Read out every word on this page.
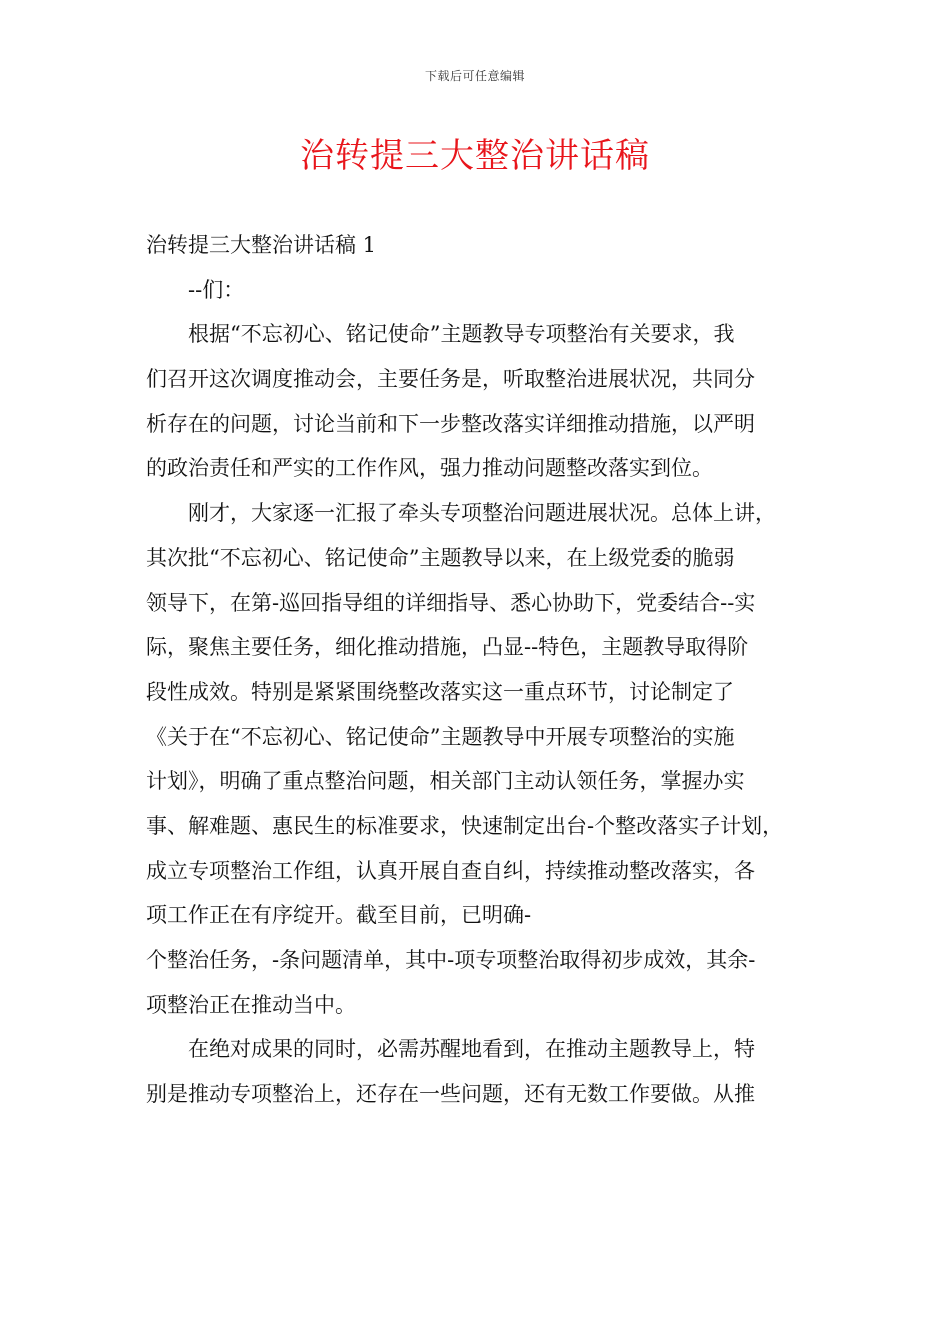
下载后可任意编辑
治转提三大整治讲话稿
治转提三大整治讲话稿 1
--们：
根据“不忘初心、铭记使命”主题教导专项整治有关要求，我
们召开这次调度推动会，主要任务是，听取整治进展状况，共同分
析存在的问题，讨论当前和下一步整改落实详细推动措施，以严明
的政治责任和严实的工作作风，强力推动问题整改落实到位。
刚才，大家逐一汇报了牵头专项整治问题进展状况。总体上讲，
其次批“不忘初心、铭记使命”主题教导以来，在上级党委的脆弱
领导下，在第-巡回指导组的详细指导、悉心协助下，党委结合--实
际，聚焦主要任务，细化推动措施，凸显--特色，主题教导取得阶
段性成效。特别是紧紧围绕整改落实这一重点环节，讨论制定了
《关于在“不忘初心、铭记使命”主题教导中开展专项整治的实施
计划》，明确了重点整治问题，相关部门主动认领任务，掌握办实
事、解难题、惠民生的标准要求，快速制定出台-个整改落实子计划，
成立专项整治工作组，认真开展自查自纠，持续推动整改落实，各
项工作正在有序绽开。截至目前，已明确-
个整治任务，-条问题清单，其中-项专项整治取得初步成效，其余-
项整治正在推动当中。
在绝对成果的同时，必需苏醒地看到，在推动主题教导上，特
别是推动专项整治上，还存在一些问题，还有无数工作要做。从推
